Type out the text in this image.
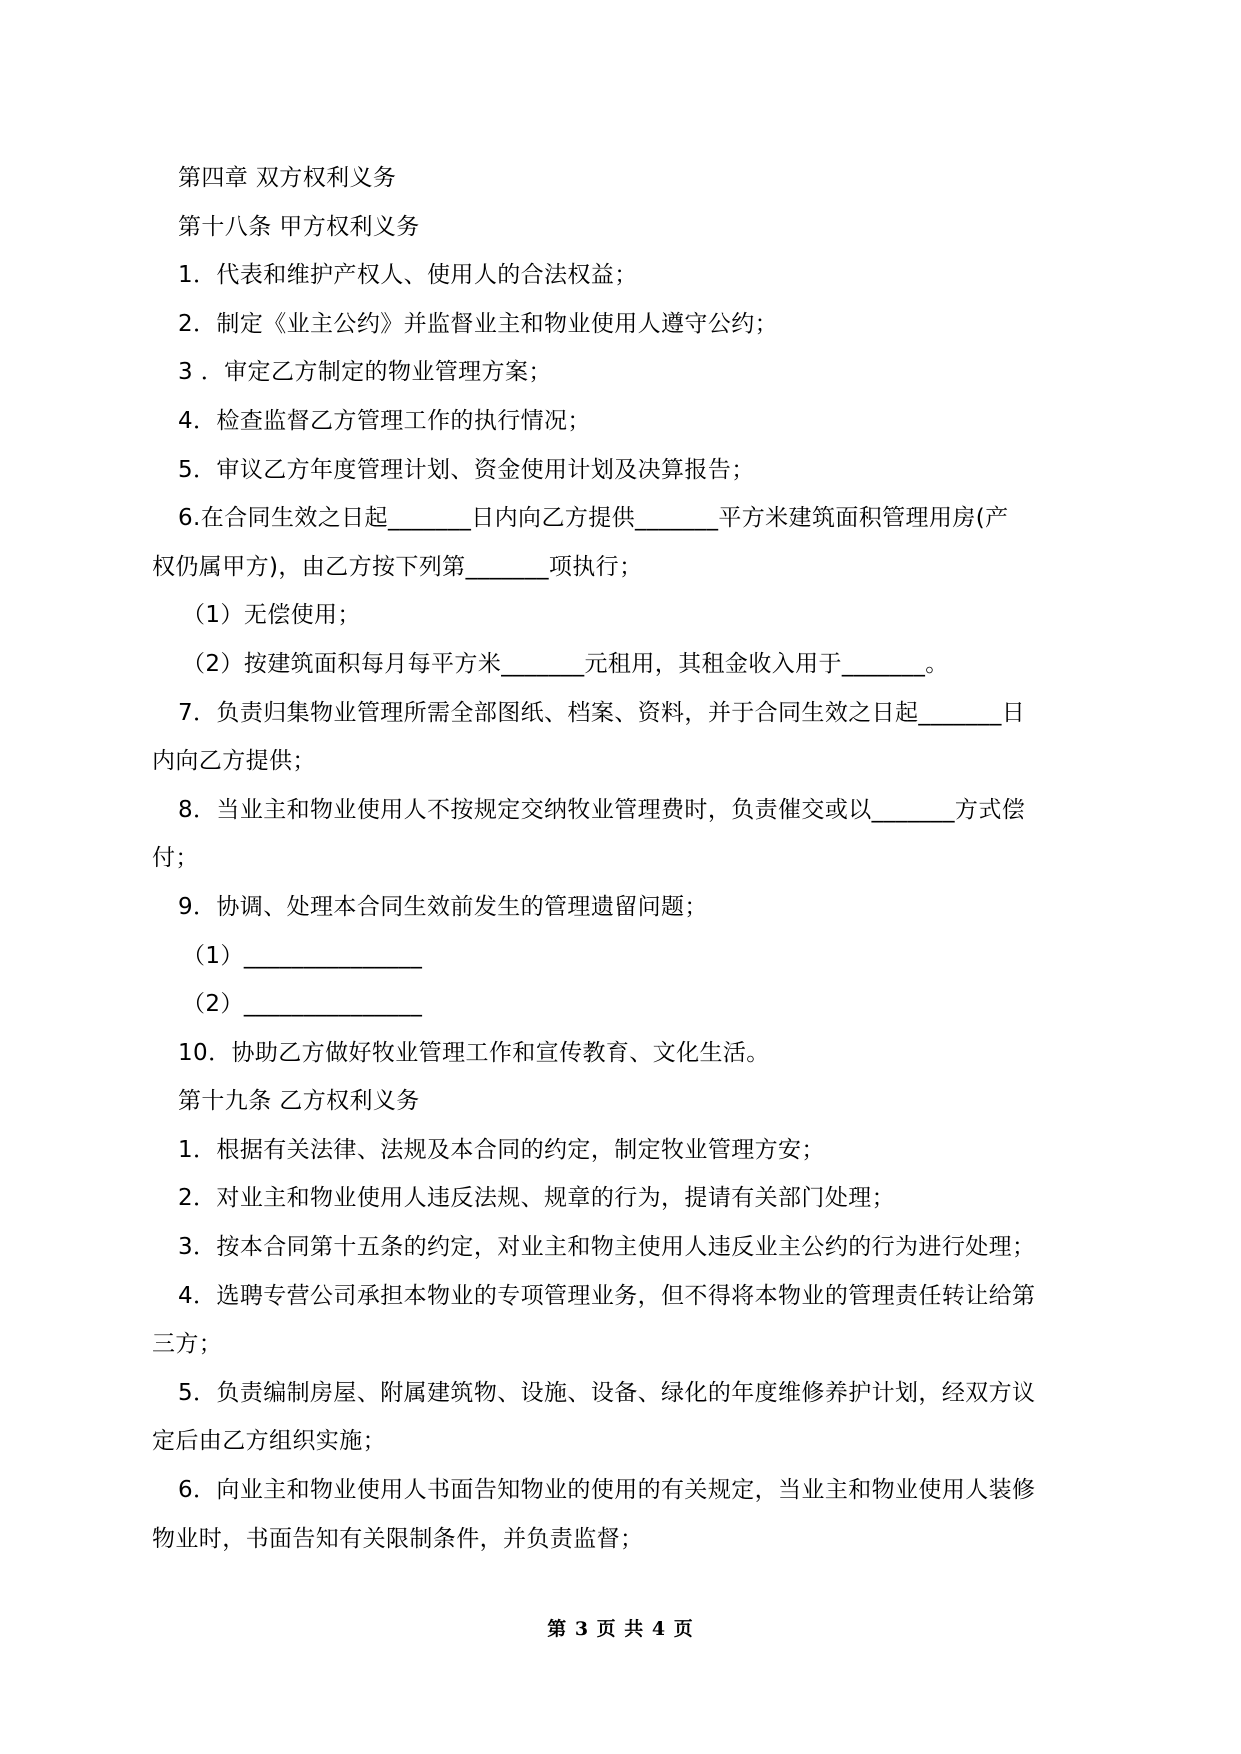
第四章 双方权利义务
第十八条 甲方权利义务
1．代表和维护产权人、使用人的合法权益；
2．制定《业主公约》并监督业主和物业使用人遵守公约；
3 ．审定乙方制定的物业管理方案；
4．检查监督乙方管理工作的执行情况；
5．审议乙方年度管理计划、资金使用计划及决算报告；
6.在合同生效之日起_______日内向乙方提供_______平方米建筑面积管理用房(产
权仍属甲方)，由乙方按下列第_______项执行；
（1）无偿使用；
（2）按建筑面积每月每平方米_______元租用，其租金收入用于_______。
7．负责归集物业管理所需全部图纸、档案、资料，并于合同生效之日起_______日
内向乙方提供；
8．当业主和物业使用人不按规定交纳牧业管理费时，负责催交或以_______方式偿
付；
9．协调、处理本合同生效前发生的管理遗留问题；
（1）_______________
（2）_______________
10．协助乙方做好牧业管理工作和宣传教育、文化生活。
第十九条 乙方权利义务
1．根据有关法律、法规及本合同的约定，制定牧业管理方安；
2．对业主和物业使用人违反法规、规章的行为，提请有关部门处理；
3．按本合同第十五条的约定，对业主和物主使用人违反业主公约的行为进行处理；
4．选聘专营公司承担本物业的专项管理业务，但不得将本物业的管理责任转让给第
三方；
5．负责编制房屋、附属建筑物、设施、设备、绿化的年度维修养护计划，经双方议
定后由乙方组织实施；
6．向业主和物业使用人书面告知物业的使用的有关规定，当业主和物业使用人装修
物业时，书面告知有关限制条件，并负责监督；
第 3 页 共 4 页
